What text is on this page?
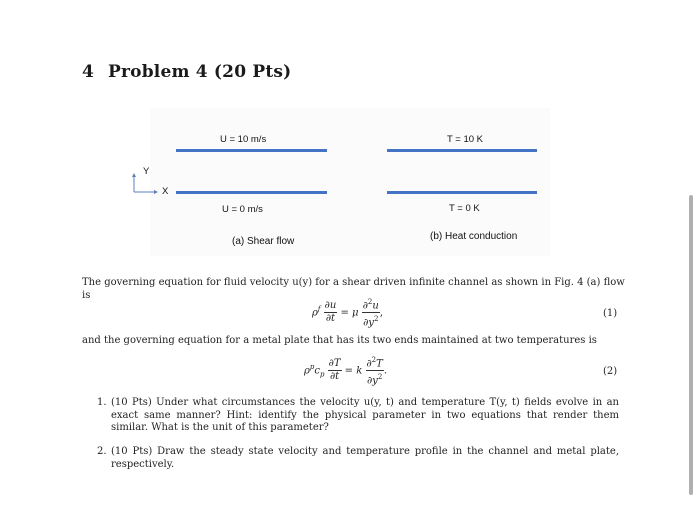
4 Problem 4 (20 Pts)
U = 10 m/s
U = 0 m/s
(a) Shear flow
Y
X
T = 10 K
T = 0 K
(b) Heat conduction
The governing equation for fluid velocity u(y) for a shear driven infinite channel as shown in Fig. 4 (a) flow
is
$\rho^f \frac{\partial u}{\partial t} = \mu \frac{\partial^2u}{\partial y^2}$ ,	(1)
and the governing equation for a metal plate that has its two ends maintained at two temperatures is
$\rho^pc_p \frac{\partial T}{\partial t} = k \frac{\partial^2T}{\partial y^2}$ .	(2)
1. (10 Pts) Under what circumstances the velocity u(y, t) and temperature T(y, t) fields evolve in an exact same manner? Hint: identify the physical parameter in two equations that render them similar. What is the unit of this parameter?
2. (10 Pts) Draw the steady state velocity and temperature profile in the channel and metal plate, respectively.
